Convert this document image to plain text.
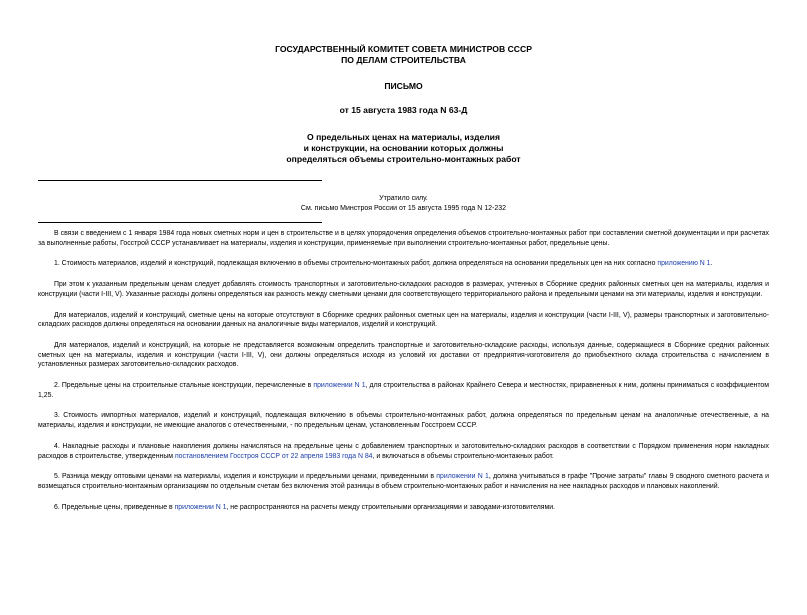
ГОСУДАРСТВЕННЫЙ КОМИТЕТ СОВЕТА МИНИСТРОВ СССР
ПО ДЕЛАМ СТРОИТЕЛЬСТВА
ПИСЬМО
от 15 августа 1983 года N 63-Д
О предельных ценах на материалы, изделия
и конструкции, на основании которых должны
определяться объемы строительно-монтажных работ
Утратило силу.
См. письмо Минстроя России от 15 августа 1995 года N 12-232

В связи с введением с 1 января 1984 года новых сметных норм и цен в строительстве и в целях упорядочения определения объемов строительно-монтажных работ при составлении сметной документации и при расчетах за выполненные работы, Госстрой СССР устанавливает на материалы, изделия и конструкции, применяемые при выполнении строительно-монтажных работ, предельные цены.

1. Стоимость материалов, изделий и конструкций, подлежащая включению в объемы строительно-монтажных работ, должна определяться на основании предельных цен на них согласно приложению N 1.

При этом к указанным предельным ценам следует добавлять стоимость транспортных и заготовительно-складских расходов в размерах, учтенных в Сборнике средних районных сметных цен на материалы, изделия и конструкции (части I-III, V). Указанные расходы должны определяться как разность между сметными ценами для соответствующего территориального района и предельными ценами на эти материалы, изделия и конструкции.

Для материалов, изделий и конструкций, сметные цены на которые отсутствуют в Сборнике средних районных сметных цен на материалы, изделия и конструкции (части I-III, V), размеры транспортных и заготовительно-складских расходов должны определяться на основании данных на аналогичные виды материалов, изделий и конструкций.

Для материалов, изделий и конструкций, на которые не представляется возможным определить транспортные и заготовительно-складские расходы, используя данные, содержащиеся в Сборнике средних районных сметных цен на материалы, изделия и конструкции (части I-III, V), они должны определяться исходя из условий их доставки от предприятия-изготовителя до приобъектного склада строительства с начислением в установленных размерах заготовительно-складских расходов.

2. Предельные цены на строительные стальные конструкции, перечисленные в приложении N 1, для строительства в районах Крайнего Севера и местностях, приравненных к ним, должны приниматься с коэффициентом 1,25.

3. Стоимость импортных материалов, изделий и конструкций, подлежащая включению в объемы строительно-монтажных работ, должна определяться по предельным ценам на аналогичные отечественные, а на материалы, изделия и конструкции, не имеющие аналогов с отечественными, - по предельным ценам, установленным Госстроем СССР.

4. Накладные расходы и плановые накопления должны начисляться на предельные цены с добавлением транспортных и заготовительно-складских расходов в соответствии с Порядком применения норм накладных расходов в строительстве, утвержденным постановлением Госстроя СССР от 22 апреля 1983 года N 84, и включаться в объемы строительно-монтажных работ.

5. Разница между оптовыми ценами на материалы, изделия и конструкции и предельными ценами, приведенными в приложении N 1, должна учитываться в графе "Прочие затраты" главы 9 сводного сметного расчета и возмещаться строительно-монтажным организациям по отдельным счетам без включения этой разницы в объем строительно-монтажных работ и начисления на нее накладных расходов и плановых накоплений.

6. Предельные цены, приведенные в приложении N 1, не распространяются на расчеты между строительными организациями и заводами-изготовителями.
